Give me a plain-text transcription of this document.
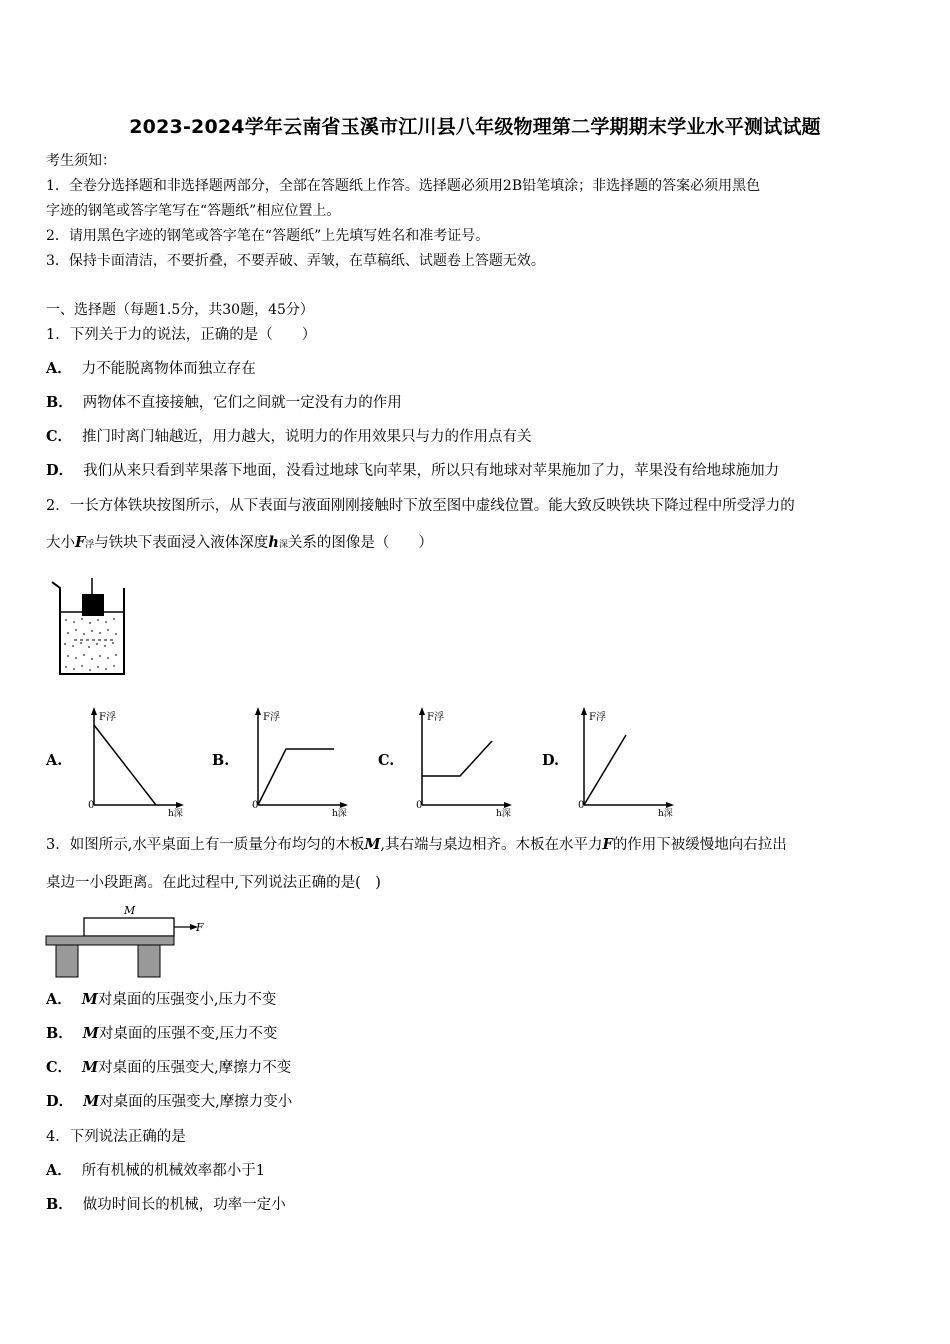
2023-2024学年云南省玉溪市江川县八年级物理第二学期期末学业水平测试试题
考生须知：
1．全卷分选择题和非选择题两部分，全部在答题纸上作答。选择题必须用2B铅笔填涂；非选择题的答案必须用黑色
字迹的钢笔或答字笔写在“答题纸”相应位置上。
2．请用黑色字迹的钢笔或答字笔在“答题纸”上先填写姓名和准考证号。
3．保持卡面清洁，不要折叠，不要弄破、弄皱，在草稿纸、试题卷上答题无效。
一、选择题（每题1.5分，共30题，45分）
1．下列关于力的说法，正确的是（　　）
A． 力不能脱离物体而独立存在
B． 两物体不直接接触，它们之间就一定没有力的作用
C． 推门时离门轴越近，用力越大，说明力的作用效果只与力的作用点有关
D． 我们从来只看到苹果落下地面，没看过地球飞向苹果，所以只有地球对苹果施加了力，苹果没有给地球施加力
2．一长方体铁块按图所示，从下表面与液面刚刚接触时下放至图中虚线位置。能大致反映铁块下降过程中所受浮力的
大小F浮与铁块下表面浸入液体深度h深关系的图像是（　　）
A.
F浮
h深
0
B.
F浮
h深
0
C.
F浮
h深
0
D.
F浮
h深
0
3．如图所示,水平桌面上有一质量分布均匀的木板M,其右端与桌边相齐。木板在水平力F的作用下被缓慢地向右拉出
桌边一小段距离。在此过程中,下列说法正确的是(　)
M
F
A． M对桌面的压强变小,压力不变
B． M对桌面的压强不变,压力不变
C． M对桌面的压强变大,摩擦力不变
D． M对桌面的压强变大,摩擦力变小
4．下列说法正确的是
A． 所有机械的机械效率都小于1
B． 做功时间长的机械，功率一定小
